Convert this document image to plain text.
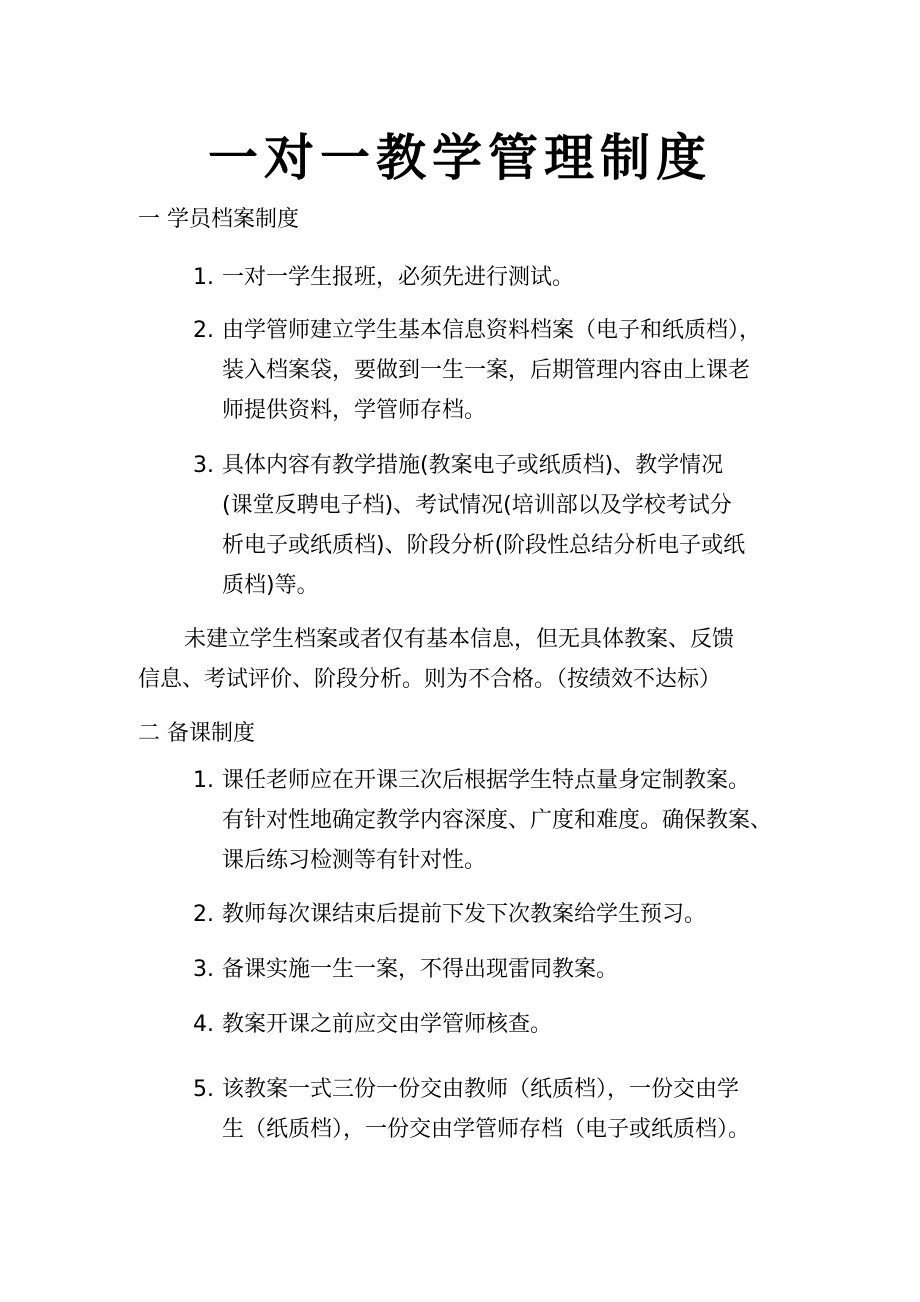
一对一教学管理制度
一 学员档案制度
未建立学生档案或者仅有基本信息，但无具体教案、反馈
信息、考试评价、阶段分析。则为不合格。（按绩效不达标）
二 备课制度
1. 一对一学生报班，必须先进行测试。
2. 由学管师建立学生基本信息资料档案（电子和纸质档），
装入档案袋，要做到一生一案，后期管理内容由上课老
师提供资料，学管师存档。
3. 具体内容有教学措施(教案电子或纸质档)、教学情况
(课堂反聘电子档)、考试情况(培训部以及学校考试分
析电子或纸质档)、阶段分析(阶段性总结分析电子或纸
质档)等。
1. 课任老师应在开课三次后根据学生特点量身定制教案。
有针对性地确定教学内容深度、广度和难度。确保教案、
课后练习检测等有针对性。
2. 教师每次课结束后提前下发下次教案给学生预习。
3. 备课实施一生一案，不得出现雷同教案。
4. 教案开课之前应交由学管师核查。
5. 该教案一式三份一份交由教师（纸质档），一份交由学
生（纸质档），一份交由学管师存档（电子或纸质档）。
